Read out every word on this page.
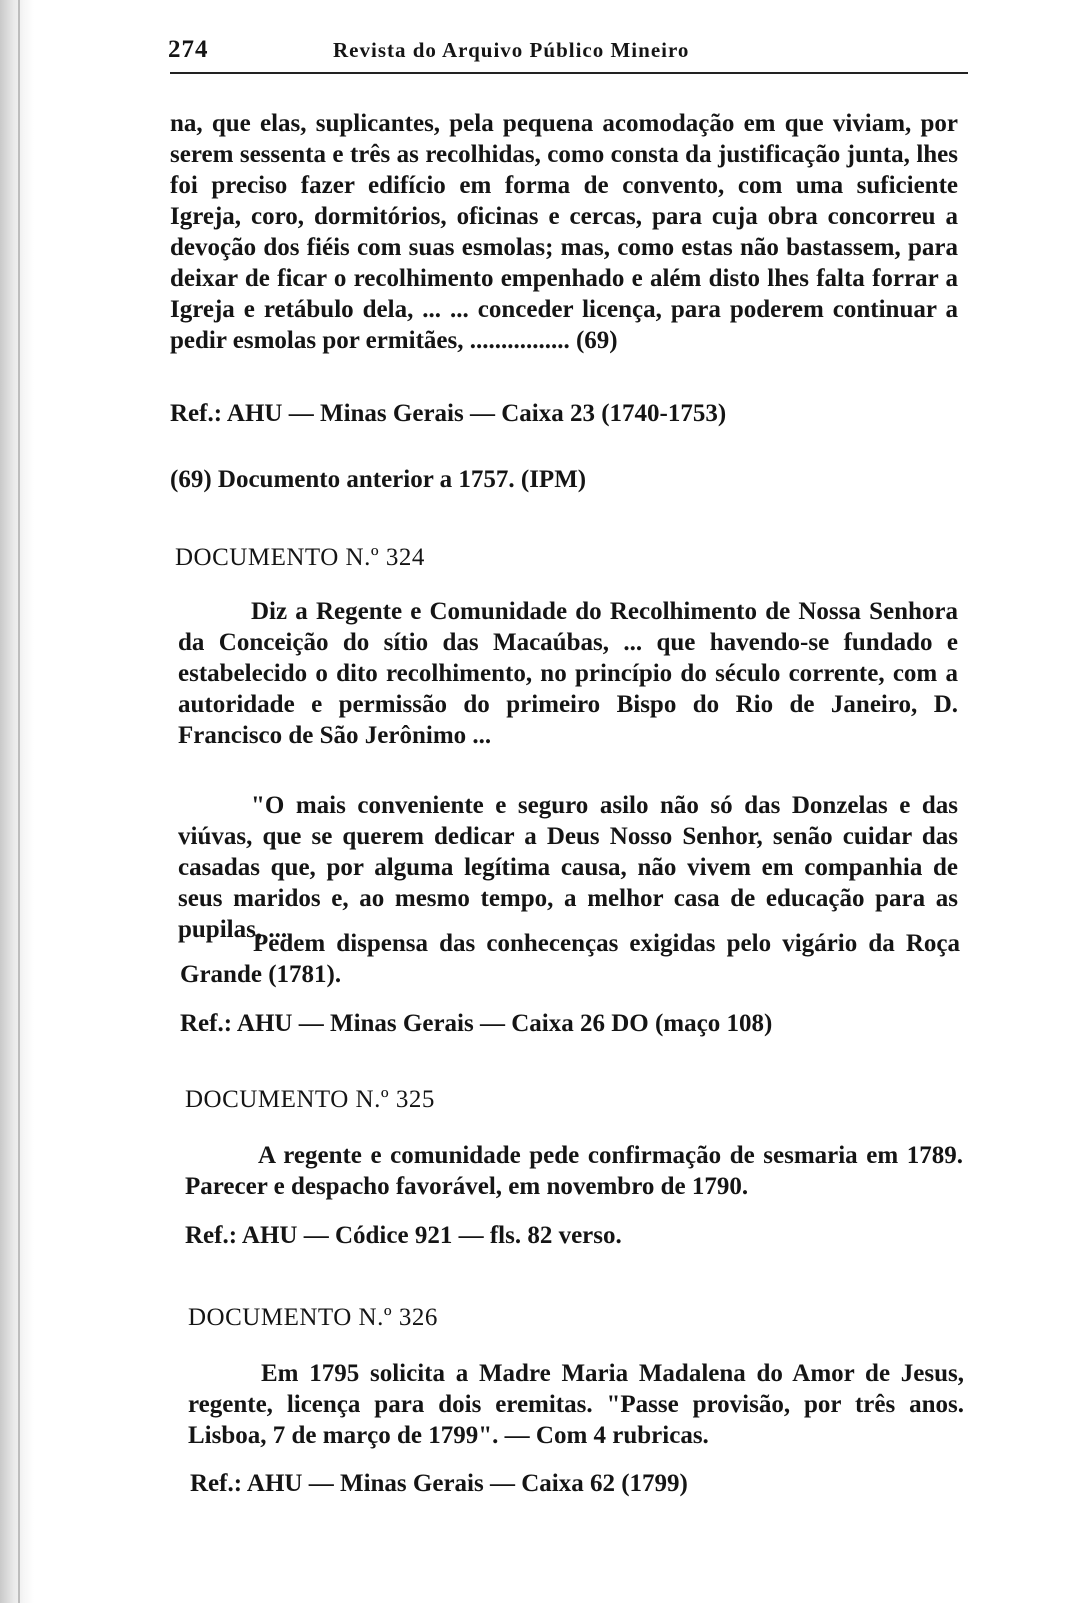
274	Revista do Arquivo Público Mineiro

na, que elas, suplicantes, pela pequena acomodação em que viviam, por serem sessenta e três as recolhidas, como consta da justificação junta, lhes foi preciso fazer edifício em forma de convento, com uma suficiente Igreja, coro, dormitórios, oficinas e cercas, para cuja obra concorreu a devoção dos fiéis com suas esmolas; mas, como estas não bastassem, para deixar de ficar o recolhimento empenhado e além disto lhes falta forrar a Igreja e retábulo dela, ... ... conceder licença, para poderem continuar a pedir esmolas por ermitães, ................ (69)

Ref.: AHU — Minas Gerais — Caixa 23 (1740-1753)

(69) Documento anterior a 1757. (IPM)

DOCUMENTO N.º 324

Diz a Regente e Comunidade do Recolhimento de Nossa Senhora da Conceição do sítio das Macaúbas, ... que havendo-se fundado e estabelecido o dito recolhimento, no princípio do século corrente, com a autoridade e permissão do primeiro Bispo do Rio de Janeiro, D. Francisco de São Jerônimo ...

"O mais conveniente e seguro asilo não só das Donzelas e das viúvas, que se querem dedicar a Deus Nosso Senhor, senão cuidar das casadas que, por alguma legítima causa, não vivem em companhia de seus maridos e, ao mesmo tempo, a melhor casa de educação para as pupilas, ...

Pedem dispensa das conhecenças exigidas pelo vigário da Roça Grande (1781).

Ref.: AHU — Minas Gerais — Caixa 26 DO (maço 108)

DOCUMENTO N.º 325

A regente e comunidade pede confirmação de sesmaria em 1789. Parecer e despacho favorável, em novembro de 1790.

Ref.: AHU — Códice 921 — fls. 82 verso.

DOCUMENTO N.º 326

Em 1795 solicita a Madre Maria Madalena do Amor de Jesus, regente, licença para dois eremitas. "Passe provisão, por três anos. Lisboa, 7 de março de 1799". — Com 4 rubricas.

Ref.: AHU — Minas Gerais — Caixa 62 (1799)
